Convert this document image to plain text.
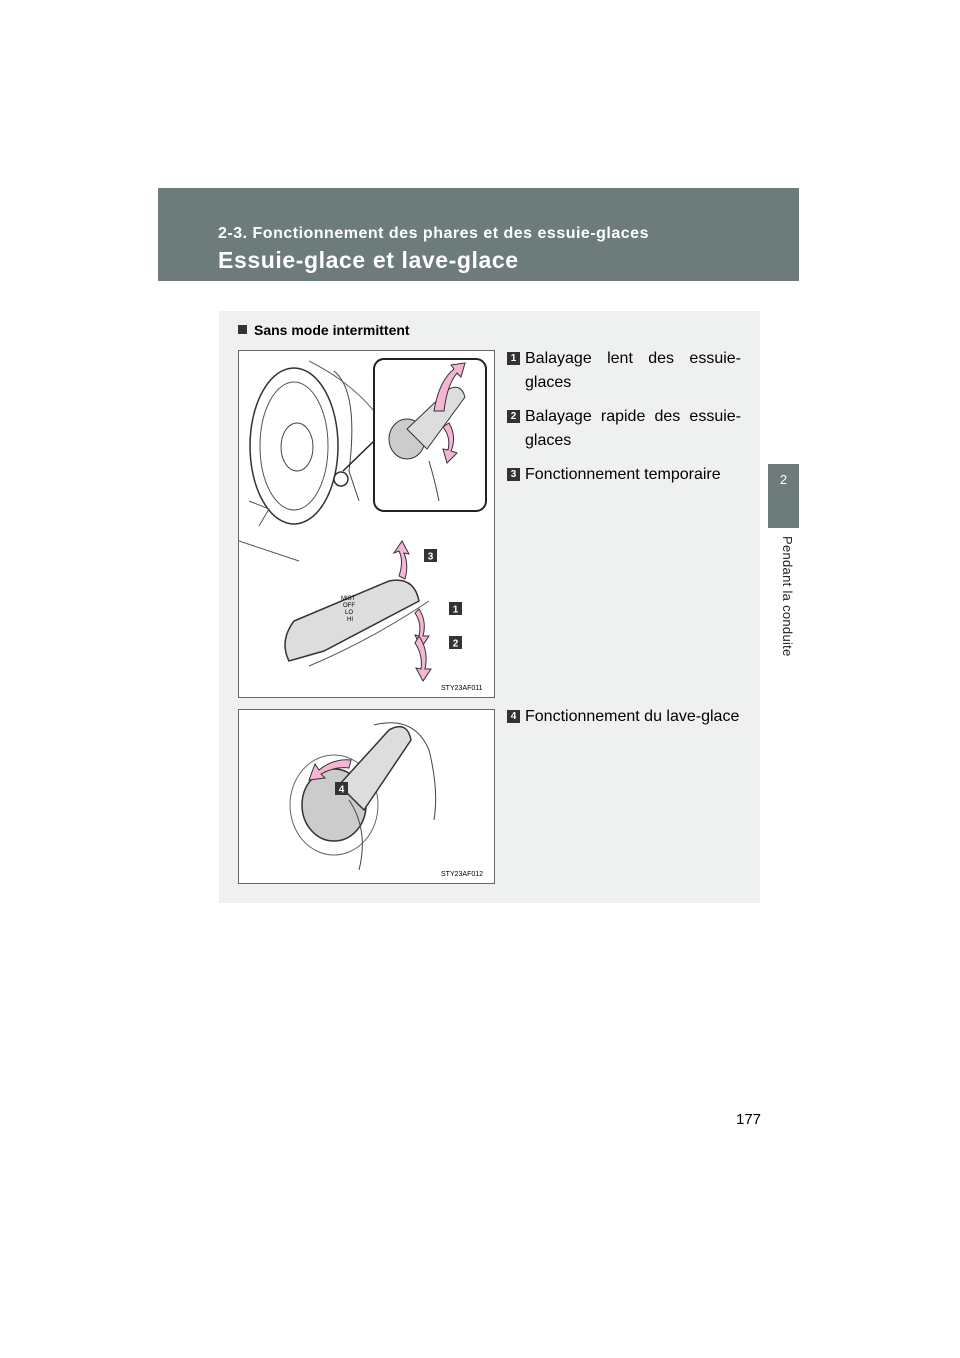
2-3. Fonctionnement des phares et des essuie-glaces
Essuie-glace et lave-glace
2
Pendant la conduite
Sans mode intermittent
MIST
OFF
LO
HI
3
1
2
STY23AF011
1 Balayage lent des essuie-glaces
2 Balayage rapide des essuie-glaces
3 Fonctionnement temporaire
4
STY23AF012
4 Fonctionnement du lave-glace
177
